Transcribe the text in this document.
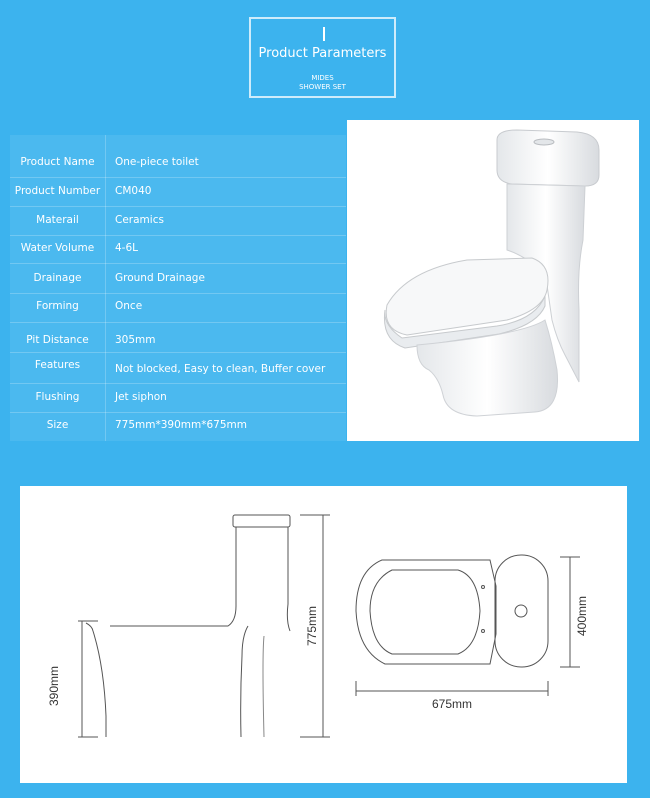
Product Parameters
MIDES
SHOWER SET
Product Name	One-piece toilet
Product Number	CM040
Materail	Ceramics
Water Volume	4-6L
Drainage	Ground Drainage
Forming	Once
Pit Distance	305mm
Features	Not blocked, Easy to clean, Buffer cover
Flushing	Jet siphon
Size	775mm*390mm*675mm
390mm
775mm	400mm
675mm
